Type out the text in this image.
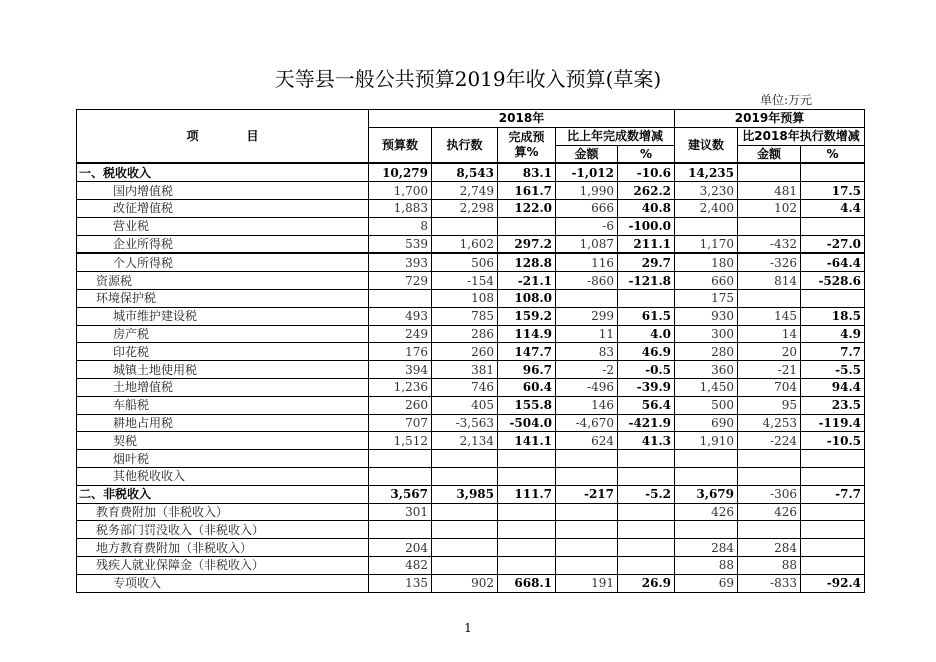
天等县一般公共预算2019年收入预算(草案)
单位:万元
项　　　　目	2018年					2019年预算		
	预算数	执行数	完成预算%	比上年完成数增减		建议数	比2018年执行数增减	
				金额	%		金额	%
一、税收收入	10,279	8,543	83.1	-1,012	-10.6	14,235		
国内增值税	1,700	2,749	161.7	1,990	262.2	3,230	481	17.5
改征增值税	1,883	2,298	122.0	666	40.8	2,400	102	4.4
营业税	8			-6	-100.0			
企业所得税	539	1,602	297.2	1,087	211.1	1,170	-432	-27.0
个人所得税	393	506	128.8	116	29.7	180	-326	-64.4
资源税	729	-154	-21.1	-860	-121.8	660	814	-528.6
环境保护税		108	108.0			175		
城市维护建设税	493	785	159.2	299	61.5	930	145	18.5
房产税	249	286	114.9	11	4.0	300	14	4.9
印花税	176	260	147.7	83	46.9	280	20	7.7
城镇土地使用税	394	381	96.7	-2	-0.5	360	-21	-5.5
土地增值税	1,236	746	60.4	-496	-39.9	1,450	704	94.4
车船税	260	405	155.8	146	56.4	500	95	23.5
耕地占用税	707	-3,563	-504.0	-4,670	-421.9	690	4,253	-119.4
契税	1,512	2,134	141.1	624	41.3	1,910	-224	-10.5
烟叶税								
其他税收收入								
二、非税收入	3,567	3,985	111.7	-217	-5.2	3,679	-306	-7.7
教育费附加（非税收入）	301					426	426	
税务部门罚没收入（非税收入）								
地方教育费附加（非税收入）	204					284	284	
残疾人就业保障金（非税收入）	482					88	88	
专项收入	135	902	668.1	191	26.9	69	-833	-92.4
1
